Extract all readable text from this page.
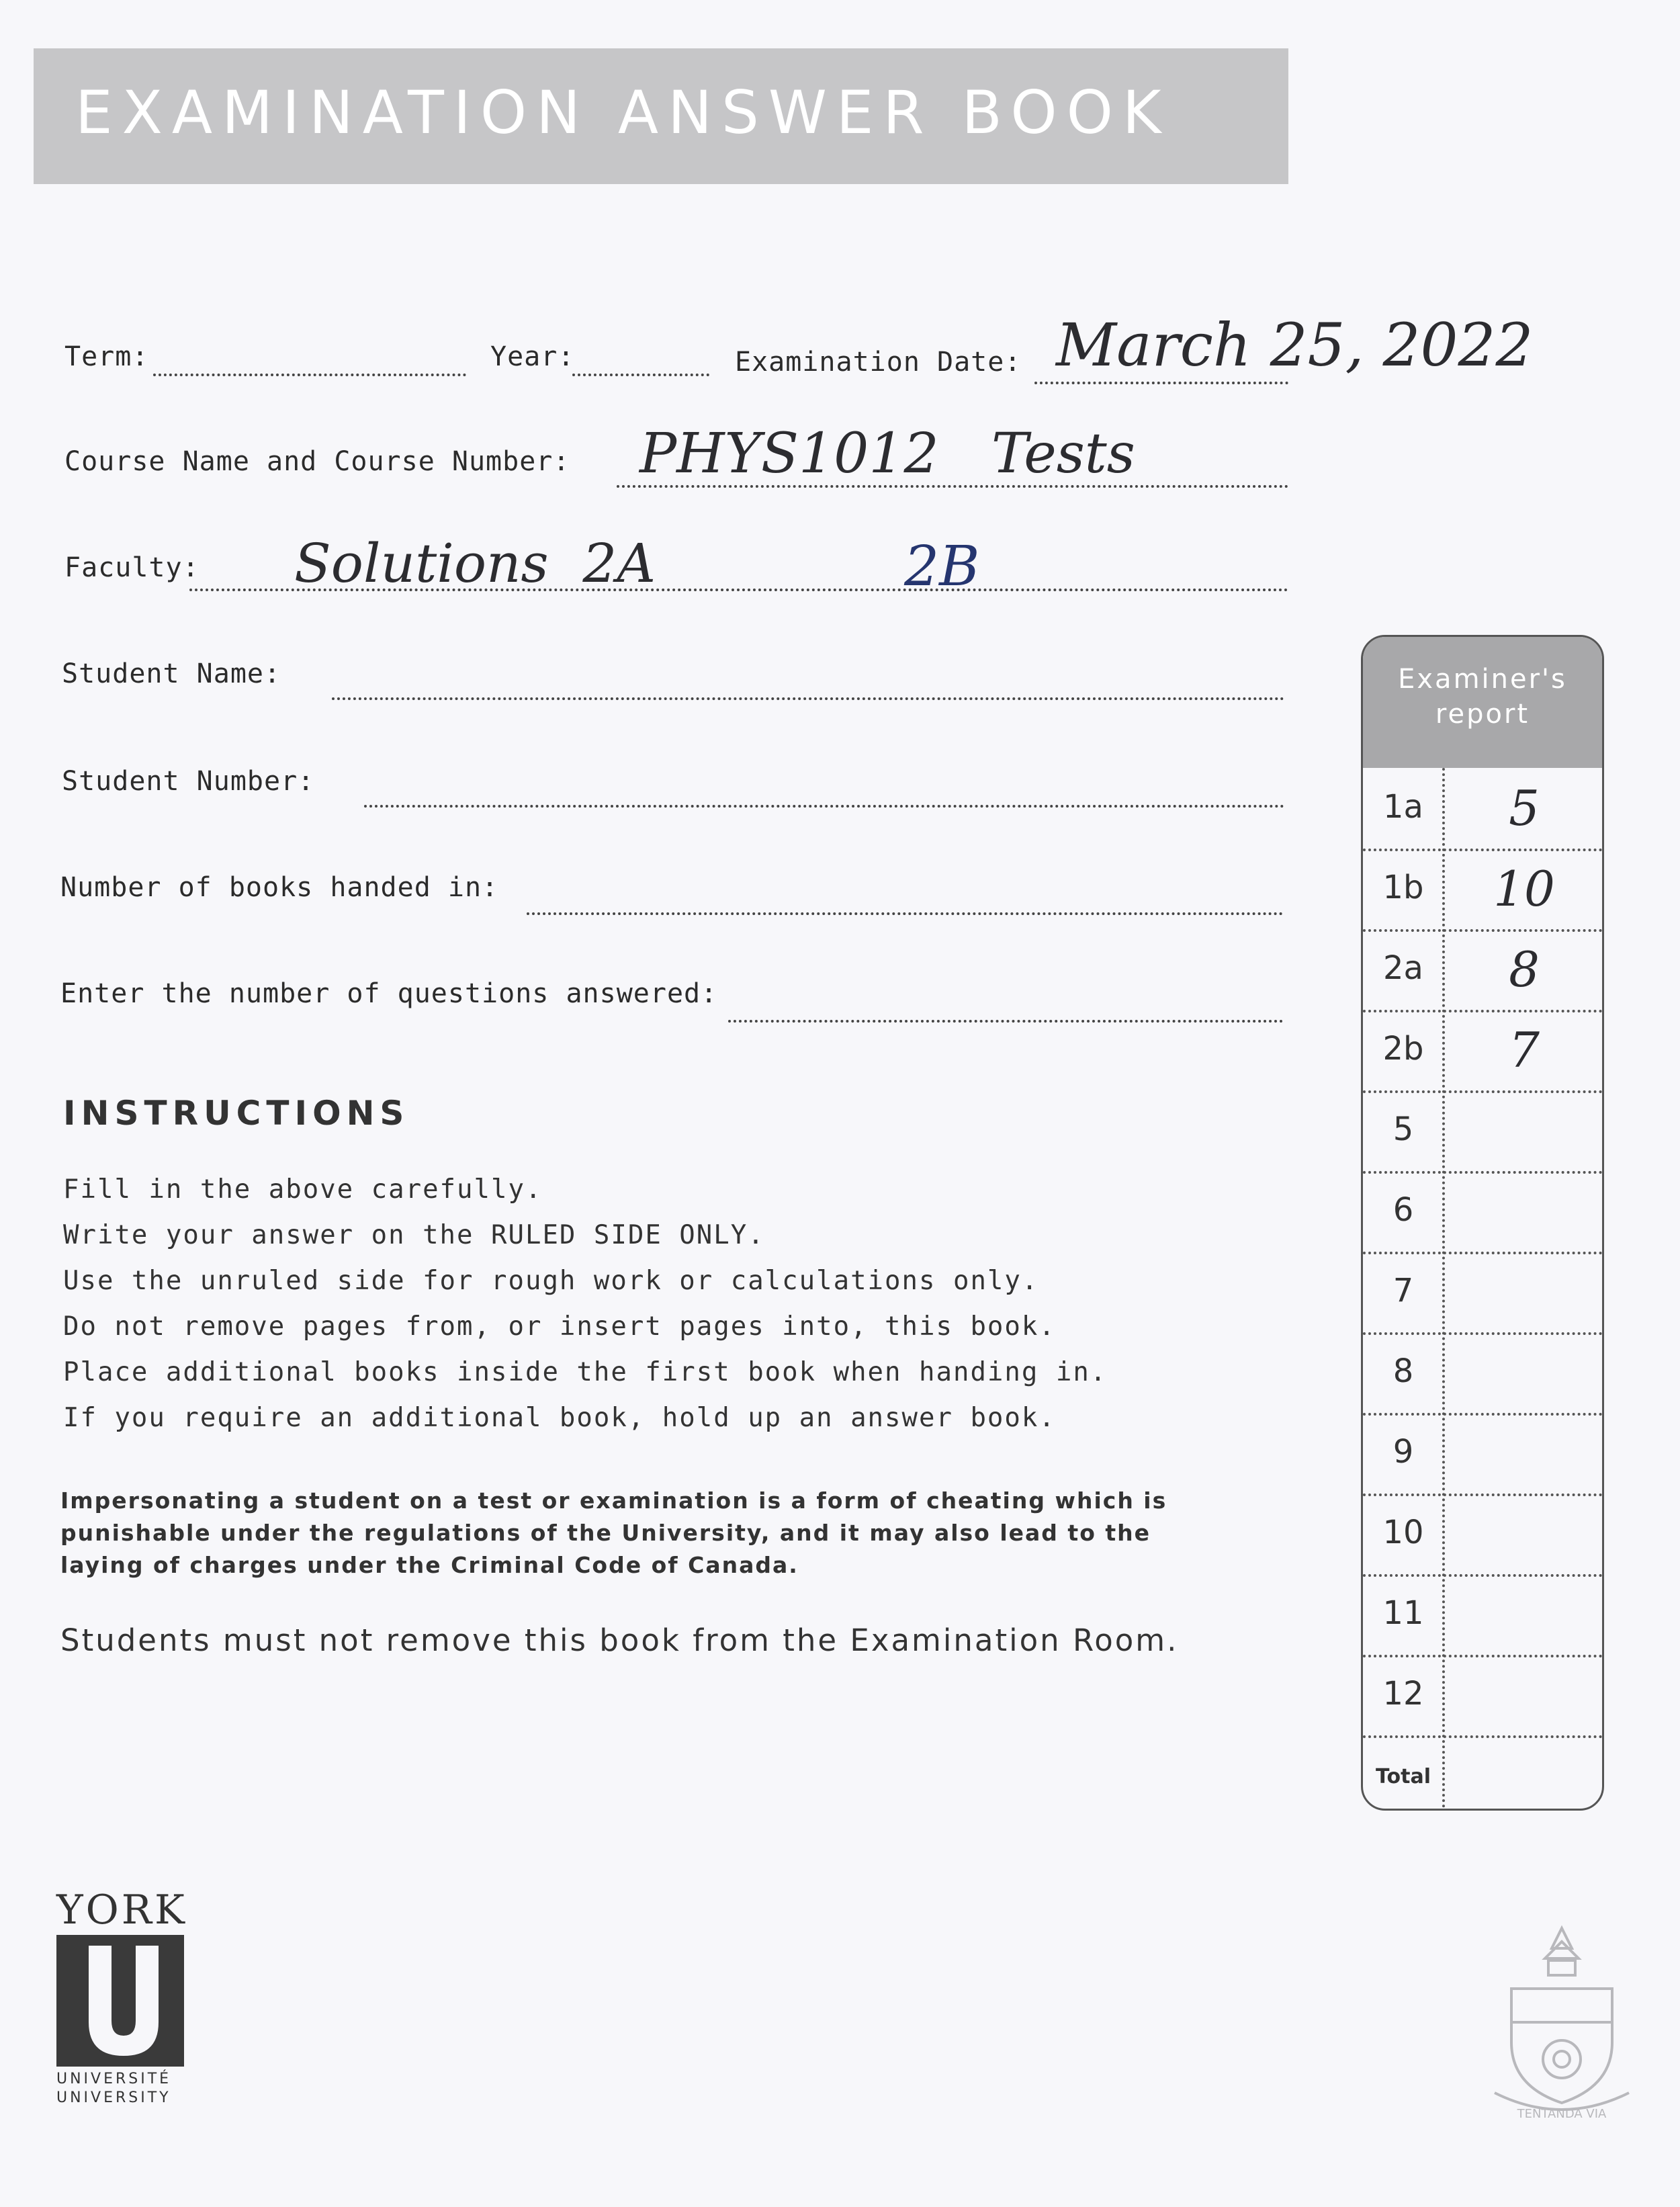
EXAMINATION ANSWER BOOK
Term:	Year:	Examination Date: March 25, 2022
Course Name and Course Number: PHYS1012   Tests
Faculty: Solutions  2A	2B
Student Name:
Student Number:
Number of books handed in:
Enter the number of questions answered:
INSTRUCTIONS
Fill in the above carefully.
Write your answer on the RULED SIDE ONLY.
Use the unruled side for rough work or calculations only.
Do not remove pages from, or insert pages into, this book.
Place additional books inside the first book when handing in.
If you require an additional book, hold up an answer book.
Impersonating a student on a test or examination is a form of cheating which is
punishable under the regulations of the University, and it may also lead to the
laying of charges under the Criminal Code of Canada.
Students must not remove this book from the Examination Room.
Examiner's
report
1a	5
1b	10
2a	8
2b	7
5
6
7
8
9
10
11
12
Total
YORK
UNIVERSITÉ
UNIVERSITY
TENTANDA VIA
